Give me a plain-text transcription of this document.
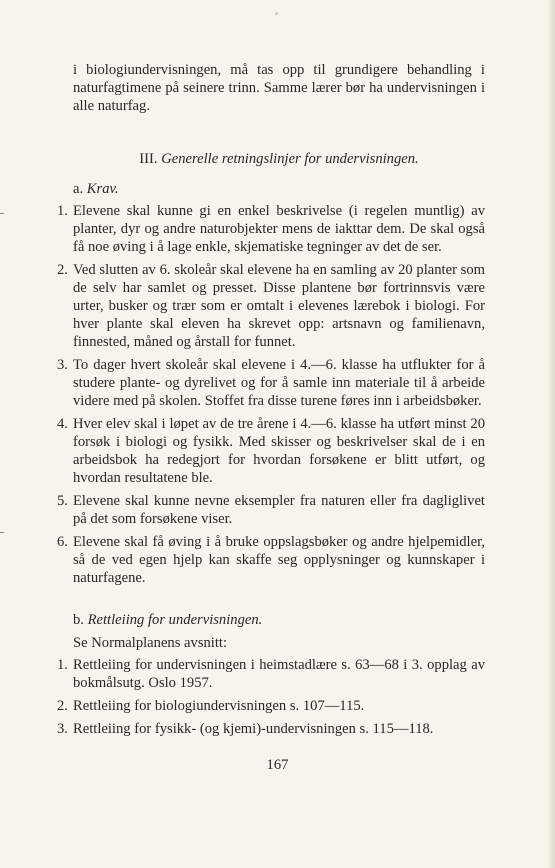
i biologiundervisningen, må tas opp til grundigere behandling i naturfagtimene på seinere trinn. Samme lærer bør ha undervisningen i alle naturfag.

III. Generelle retningslinjer for undervisningen.
a. Krav.
1. Elevene skal kunne gi en enkel beskrivelse (i regelen muntlig) av planter, dyr og andre naturobjekter mens de iakttar dem. De skal også få noe øving i å lage enkle, skjematiske tegninger av det de ser.
2. Ved slutten av 6. skoleår skal elevene ha en samling av 20 planter som de selv har samlet og presset. Disse plantene bør fortrinnsvis være urter, busker og trær som er omtalt i elevenes lærebok i biologi. For hver plante skal eleven ha skrevet opp: artsnavn og familienavn, finnested, måned og årstall for funnet.
3. To dager hvert skoleår skal elevene i 4.—6. klasse ha utflukter for å studere plante- og dyrelivet og for å samle inn materiale til å arbeide videre med på skolen. Stoffet fra disse turene føres inn i arbeidsbøker.
4. Hver elev skal i løpet av de tre årene i 4.—6. klasse ha utført minst 20 forsøk i biologi og fysikk. Med skisser og beskrivelser skal de i en arbeidsbok ha redegjort for hvordan forsøkene er blitt utført, og hvordan resultatene ble.
5. Elevene skal kunne nevne eksempler fra naturen eller fra dagliglivet på det som forsøkene viser.
6. Elevene skal få øving i å bruke oppslagsbøker og andre hjelpemidler, så de ved egen hjelp kan skaffe seg opplysninger og kunnskaper i naturfagene.
b. Rettleiing for undervisningen.
Se Normalplanens avsnitt:
1. Rettleiing for undervisningen i heimstadlære s. 63—68 i 3. opplag av bokmålsutg. Oslo 1957.
2. Rettleiing for biologiundervisningen s. 107—115.
3. Rettleiing for fysikk- (og kjemi)-undervisningen s. 115—118.
167
